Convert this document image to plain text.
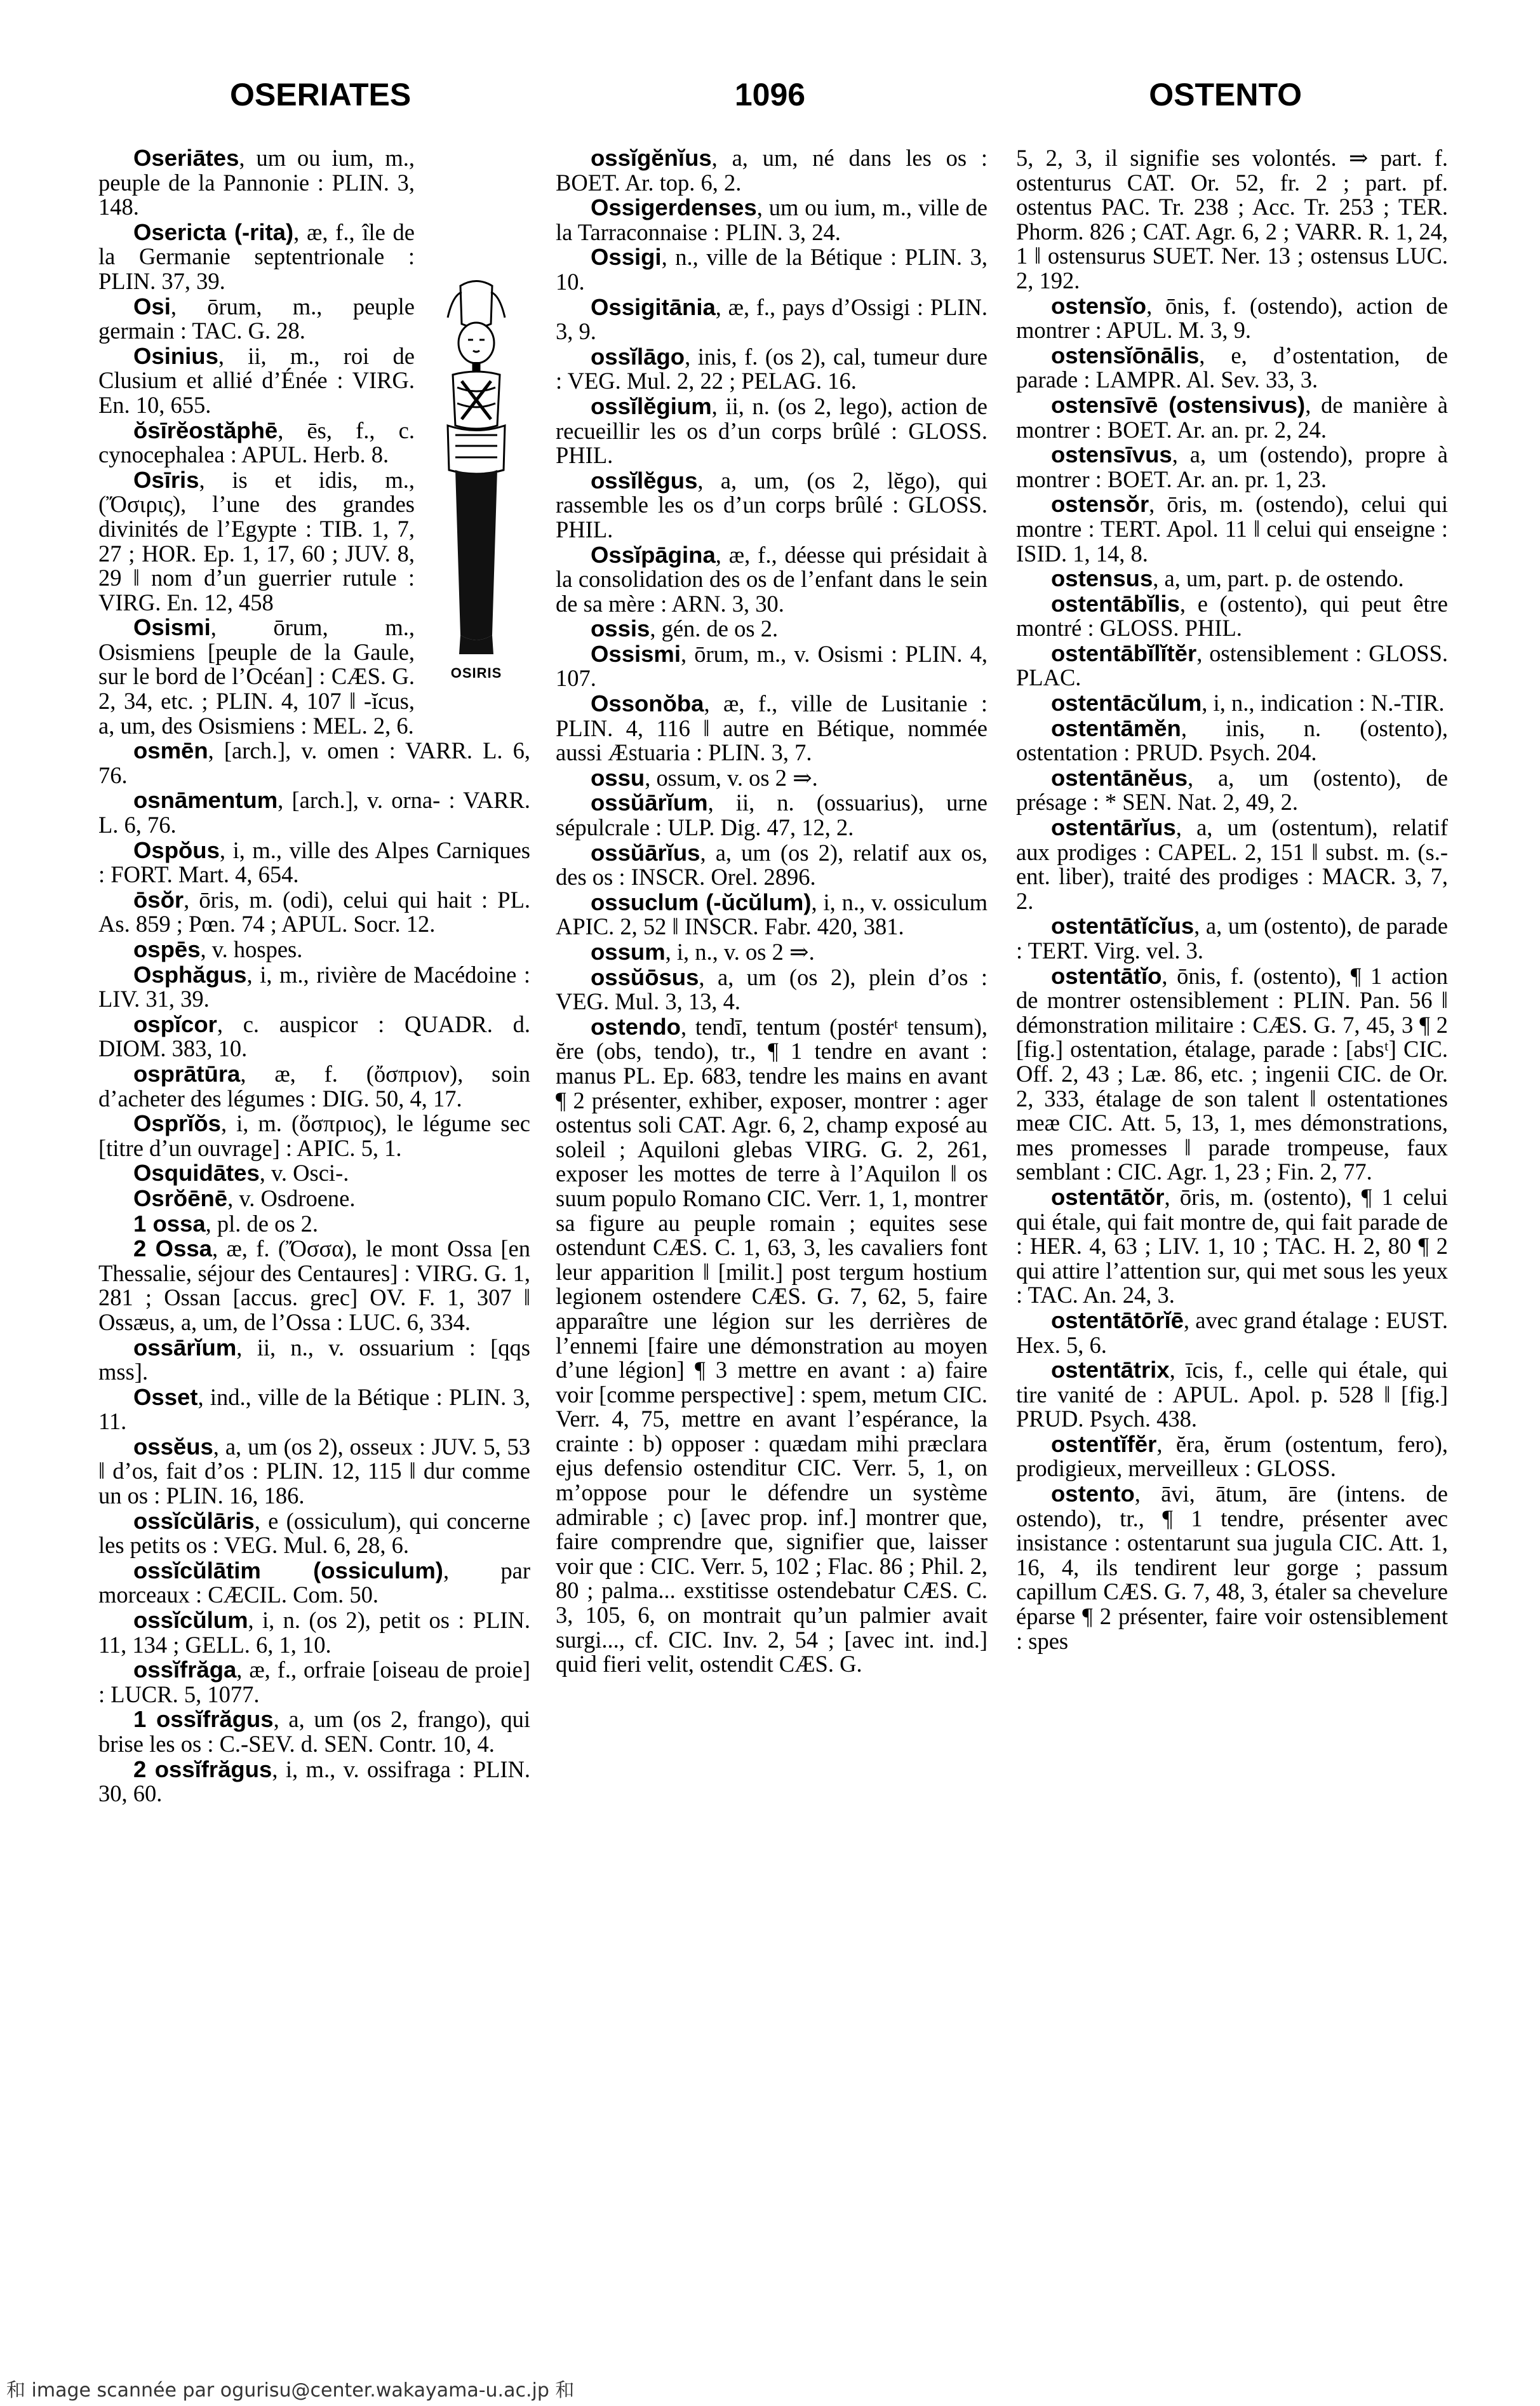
1096
OSERIATES	OSTENTO
OSIRIS

Oseriātes, um ou ium, m., peuple de la Pannonie : PLIN. 3, 148.

Osericta (-rita), æ, f., île de la Germanie septentrionale : PLIN. 37, 39.

Osi, ōrum, m., peuple germain : TAC. G. 28.

Osinius, ii, m., roi de Clusium et allié d’Énée : VIRG. En. 10, 655.

ŏsīrĕostăphē, ēs, f., c. cynocephalea : APUL. Herb. 8.

Osīris, is et idis, m., (Ὄσιρις), l’une des grandes divinités de l’Egypte : TIB. 1, 7, 27 ; HOR. Ep. 1, 17, 60 ; JUV. 8, 29 ‖ nom d’un guerrier rutule : VIRG. En. 12, 458

Osismi, ōrum, m., Osismiens [peuple de la Gaule, sur le bord de l’Océan] : CÆS. G. 2, 34, etc. ; PLIN. 4, 107 ‖ -ĭcus, a, um, des Osismiens : MEL. 2, 6.

osmēn, [arch.], v. omen : VARR. L. 6, 76.

osnāmentum, [arch.], v. orna- : VARR. L. 6, 76.

Ospŏus, i, m., ville des Alpes Carniques : FORT. Mart. 4, 654.

ōsŏr, ōris, m. (odi), celui qui hait : PL. As. 859 ; Pœn. 74 ; APUL. Socr. 12.

ospēs, v. hospes.

Osphăgus, i, m., rivière de Macédoine : LIV. 31, 39.

ospĭcor, c. auspicor : QUADR. d. DIOM. 383, 10.

osprātūra, æ, f. (ὄσπριον), soin d’acheter des légumes : DIG. 50, 4, 17.

Osprĭŏs, i, m. (ὄσπριος), le légume sec [titre d’un ouvrage] : APIC. 5, 1.

Osquidātes, v. Osci-.

Osrŏēnē, v. Osdroene.

1 ossa, pl. de os 2.

2 Ossa, æ, f. (Ὄσσα), le mont Ossa [en Thessalie, séjour des Centaures] : VIRG. G. 1, 281 ; Ossan [accus. grec] OV. F. 1, 307 ‖ Ossæus, a, um, de l’Ossa : LUC. 6, 334.

ossārĭum, ii, n., v. ossuarium : [qqs mss].

Osset, ind., ville de la Bétique : PLIN. 3, 11.

ossĕus, a, um (os 2), osseux : JUV. 5, 53 ‖ d’os, fait d’os : PLIN. 12, 115 ‖ dur comme un os : PLIN. 16, 186.

ossĭcŭlāris, e (ossiculum), qui concerne les petits os : VEG. Mul. 6, 28, 6.

ossĭcŭlātim (ossiculum), par morceaux : CÆCIL. Com. 50.

ossĭcŭlum, i, n. (os 2), petit os : PLIN. 11, 134 ; GELL. 6, 1, 10.

ossĭfrăga, æ, f., orfraie [oiseau de proie] : LUCR. 5, 1077.

1 ossĭfrăgus, a, um (os 2, frango), qui brise les os : C.-SEV. d. SEN. Contr. 10, 4.

2 ossĭfrăgus, i, m., v. ossifraga : PLIN. 30, 60.

ossĭgĕnĭus, a, um, né dans les os : BOET. Ar. top. 6, 2.

Ossigerdenses, um ou ium, m., ville de la Tarraconnaise : PLIN. 3, 24.

Ossigi, n., ville de la Bétique : PLIN. 3, 10.

Ossigitānia, æ, f., pays d’Ossigi : PLIN. 3, 9.

ossĭlāgo, inis, f. (os 2), cal, tumeur dure : VEG. Mul. 2, 22 ; PELAG. 16.

ossĭlĕgium, ii, n. (os 2, lego), action de recueillir les os d’un corps brûlé : GLOSS. PHIL.

ossĭlĕgus, a, um, (os 2, lĕgo), qui rassemble les os d’un corps brûlé : GLOSS. PHIL.

Ossĭpāgina, æ, f., déesse qui présidait à la consolidation des os de l’enfant dans le sein de sa mère : ARN. 3, 30.

ossis, gén. de os 2.

Ossismi, ōrum, m., v. Osismi : PLIN. 4, 107.

Ossonŏba, æ, f., ville de Lusitanie : PLIN. 4, 116 ‖ autre en Bétique, nommée aussi Æstuaria : PLIN. 3, 7.

ossu, ossum, v. os 2 ⇒.

ossŭārĭum, ii, n. (ossuarius), urne sépulcrale : ULP. Dig. 47, 12, 2.

ossŭārĭus, a, um (os 2), relatif aux os, des os : INSCR. Orel. 2896.

ossuclum (-ŭcŭlum), i, n., v. ossiculum APIC. 2, 52 ‖ INSCR. Fabr. 420, 381.

ossum, i, n., v. os 2 ⇒.

ossŭōsus, a, um (os 2), plein d’os : VEG. Mul. 3, 13, 4.

ostendo, tendī, tentum (postérᵗ tensum), ĕre (obs, tendo), tr., ¶ 1 tendre en avant : manus PL. Ep. 683, tendre les mains en avant ¶ 2 présenter, exhiber, exposer, montrer : ager ostentus soli CAT. Agr. 6, 2, champ exposé au soleil ; Aquiloni glebas VIRG. G. 2, 261, exposer les mottes de terre à l’Aquilon ‖ os suum populo Romano CIC. Verr. 1, 1, montrer sa figure au peuple romain ; equites sese ostendunt CÆS. C. 1, 63, 3, les cavaliers font leur apparition ‖ [milit.] post tergum hostium legionem ostendere CÆS. G. 7, 62, 5, faire apparaître une légion sur les derrières de l’ennemi [faire une démonstration au moyen d’une légion] ¶ 3 mettre en avant : a) faire voir [comme perspective] : spem, metum CIC. Verr. 4, 75, mettre en avant l’espérance, la crainte : b) opposer : quædam mihi præclara ejus defensio ostenditur CIC. Verr. 5, 1, on m’oppose pour le défendre un système admirable ; c) [avec prop. inf.] montrer que, faire comprendre que, signifier que, laisser voir que : CIC. Verr. 5, 102 ; Flac. 86 ; Phil. 2, 80 ; palma... exstitisse ostendebatur CÆS. C. 3, 105, 6, on montrait qu’un palmier avait surgi..., cf. CIC. Inv. 2, 54 ; [avec int. ind.] quid fieri velit, ostendit CÆS. G.

5, 2, 3, il signifie ses volontés. ⇒ part. f. ostenturus CAT. Or. 52, fr. 2 ; part. pf. ostentus PAC. Tr. 238 ; Acc. Tr. 253 ; TER. Phorm. 826 ; CAT. Agr. 6, 2 ; VARR. R. 1, 24, 1 ‖ ostensurus SUET. Ner. 13 ; ostensus LUC. 2, 192.

ostensĭo, ōnis, f. (ostendo), action de montrer : APUL. M. 3, 9.

ostensĭōnālis, e, d’ostentation, de parade : LAMPR. Al. Sev. 33, 3.

ostensīvē (ostensivus), de manière à montrer : BOET. Ar. an. pr. 2, 24.

ostensīvus, a, um (ostendo), propre à montrer : BOET. Ar. an. pr. 1, 23.

ostensŏr, ōris, m. (ostendo), celui qui montre : TERT. Apol. 11 ‖ celui qui enseigne : ISID. 1, 14, 8.

ostensus, a, um, part. p. de ostendo.

ostentābĭlis, e (ostento), qui peut être montré : GLOSS. PHIL.

ostentābĭlĭtĕr, ostensiblement : GLOSS. PLAC.

ostentācŭlum, i, n., indication : N.-TIR.

ostentāmĕn, inis, n. (ostento), ostentation : PRUD. Psych. 204.

ostentānĕus, a, um (ostento), de présage : * SEN. Nat. 2, 49, 2.

ostentārĭus, a, um (ostentum), relatif aux prodiges : CAPEL. 2, 151 ‖ subst. m. (s.-ent. liber), traité des prodiges : MACR. 3, 7, 2.

ostentātĭcĭus, a, um (ostento), de parade : TERT. Virg. vel. 3.

ostentātĭo, ōnis, f. (ostento), ¶ 1 action de montrer ostensiblement : PLIN. Pan. 56 ‖ démonstration militaire : CÆS. G. 7, 45, 3 ¶ 2 [fig.] ostentation, étalage, parade : [absᵗ] CIC. Off. 2, 43 ; Læ. 86, etc. ; ingenii CIC. de Or. 2, 333, étalage de son talent ‖ ostentationes meæ CIC. Att. 5, 13, 1, mes démonstrations, mes promesses ‖ parade trompeuse, faux semblant : CIC. Agr. 1, 23 ; Fin. 2, 77.

ostentātŏr, ōris, m. (ostento), ¶ 1 celui qui étale, qui fait montre de, qui fait parade de : HER. 4, 63 ; LIV. 1, 10 ; TAC. H. 2, 80 ¶ 2 qui attire l’attention sur, qui met sous les yeux : TAC. An. 24, 3.

ostentātōrĭē, avec grand étalage : EUST. Hex. 5, 6.

ostentātrix, īcis, f., celle qui étale, qui tire vanité de : APUL. Apol. p. 528 ‖ [fig.] PRUD. Psych. 438.

ostentĭfĕr, ĕra, ĕrum (ostentum, fero), prodigieux, merveilleux : GLOSS.

ostento, āvi, ātum, āre (intens. de ostendo), tr., ¶ 1 tendre, présenter avec insistance : ostentarunt sua jugula CIC. Att. 1, 16, 4, ils tendirent leur gorge ; passum capillum CÆS. G. 7, 48, 3, étaler sa chevelure éparse ¶ 2 présenter, faire voir ostensiblement : spes

和 image scannée par ogurisu@center.wakayama-u.ac.jp 和
